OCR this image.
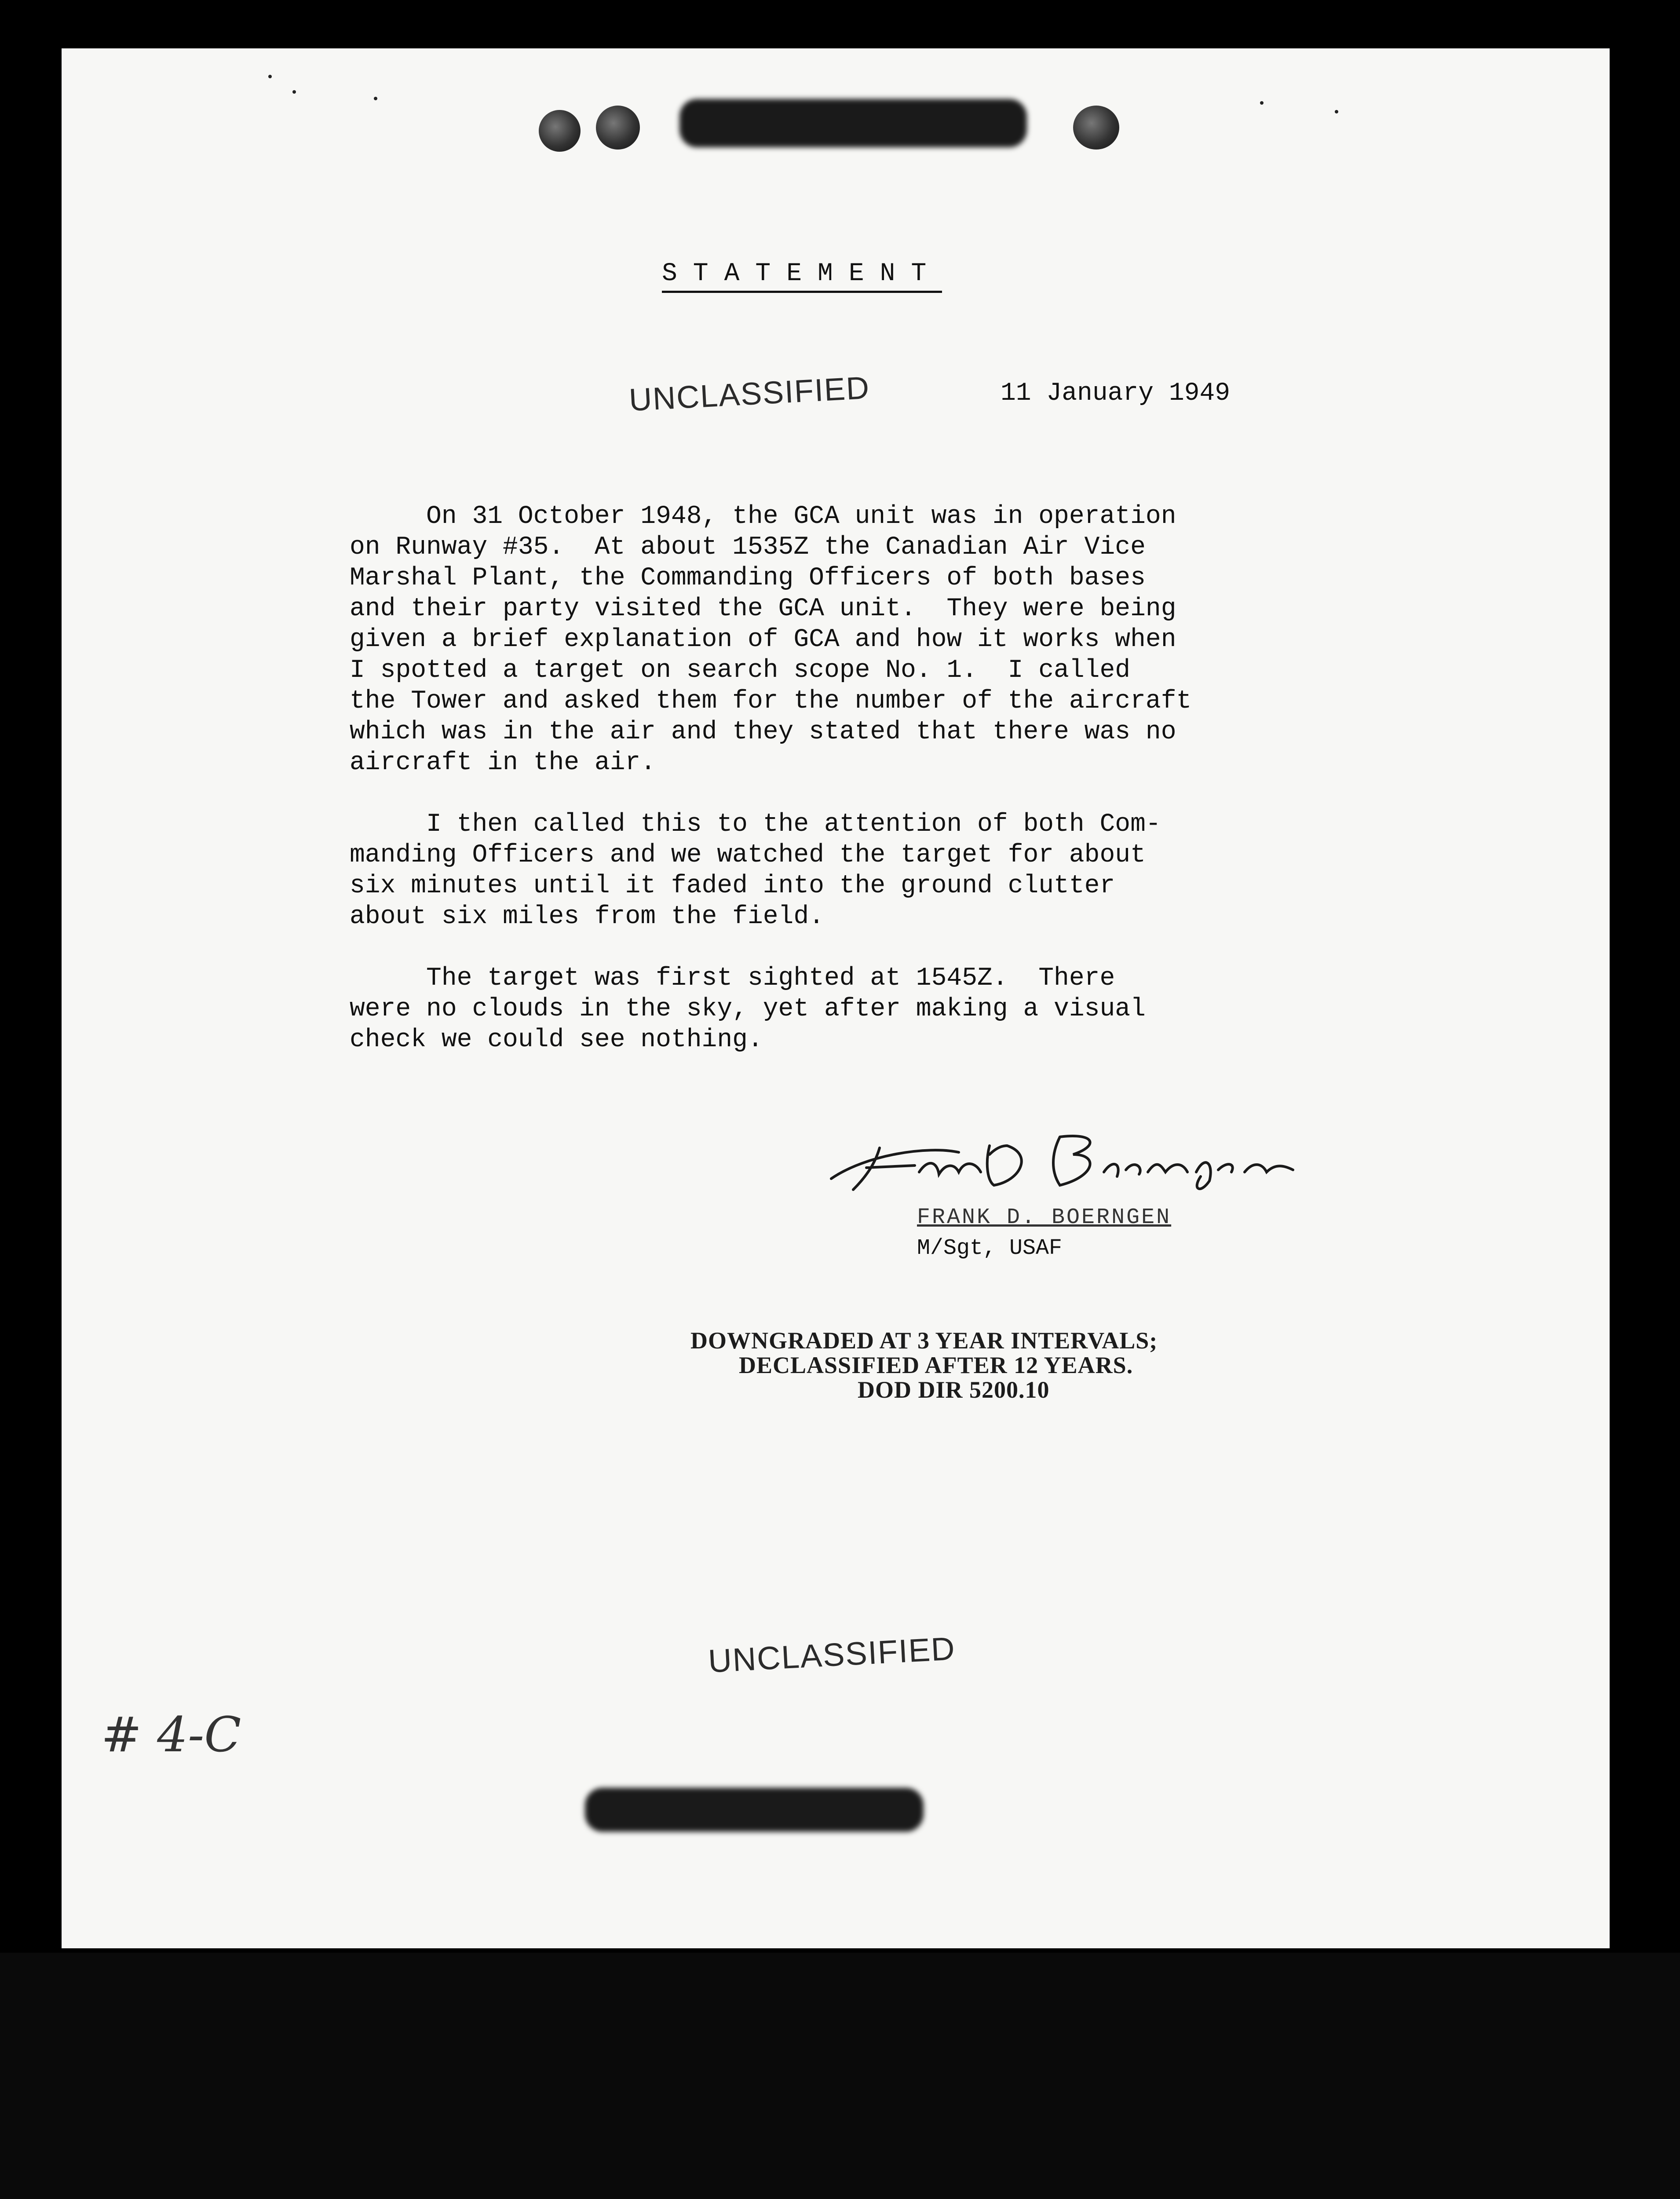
STATEMENT
UNCLASSIFIED	11 January 1949
On 31 October 1948, the GCA unit was in operation
on Runway #35.  At about 1535Z the Canadian Air Vice
Marshal Plant, the Commanding Officers of both bases
and their party visited the GCA unit.  They were being
given a brief explanation of GCA and how it works when
I spotted a target on search scope No. 1.  I called
the Tower and asked them for the number of the aircraft
which was in the air and they stated that there was no
aircraft in the air.
I then called this to the attention of both Com-
manding Officers and we watched the target for about
six minutes until it faded into the ground clutter
about six miles from the field.
The target was first sighted at 1545Z.  There
were no clouds in the sky, yet after making a visual
check we could see nothing.
FRANK D. BOERNGEN
M/Sgt, USAF
DOWNGRADED AT 3 YEAR INTERVALS;
DECLASSIFIED AFTER 12 YEARS.
DOD DIR 5200.10
UNCLASSIFIED
# 4-C
